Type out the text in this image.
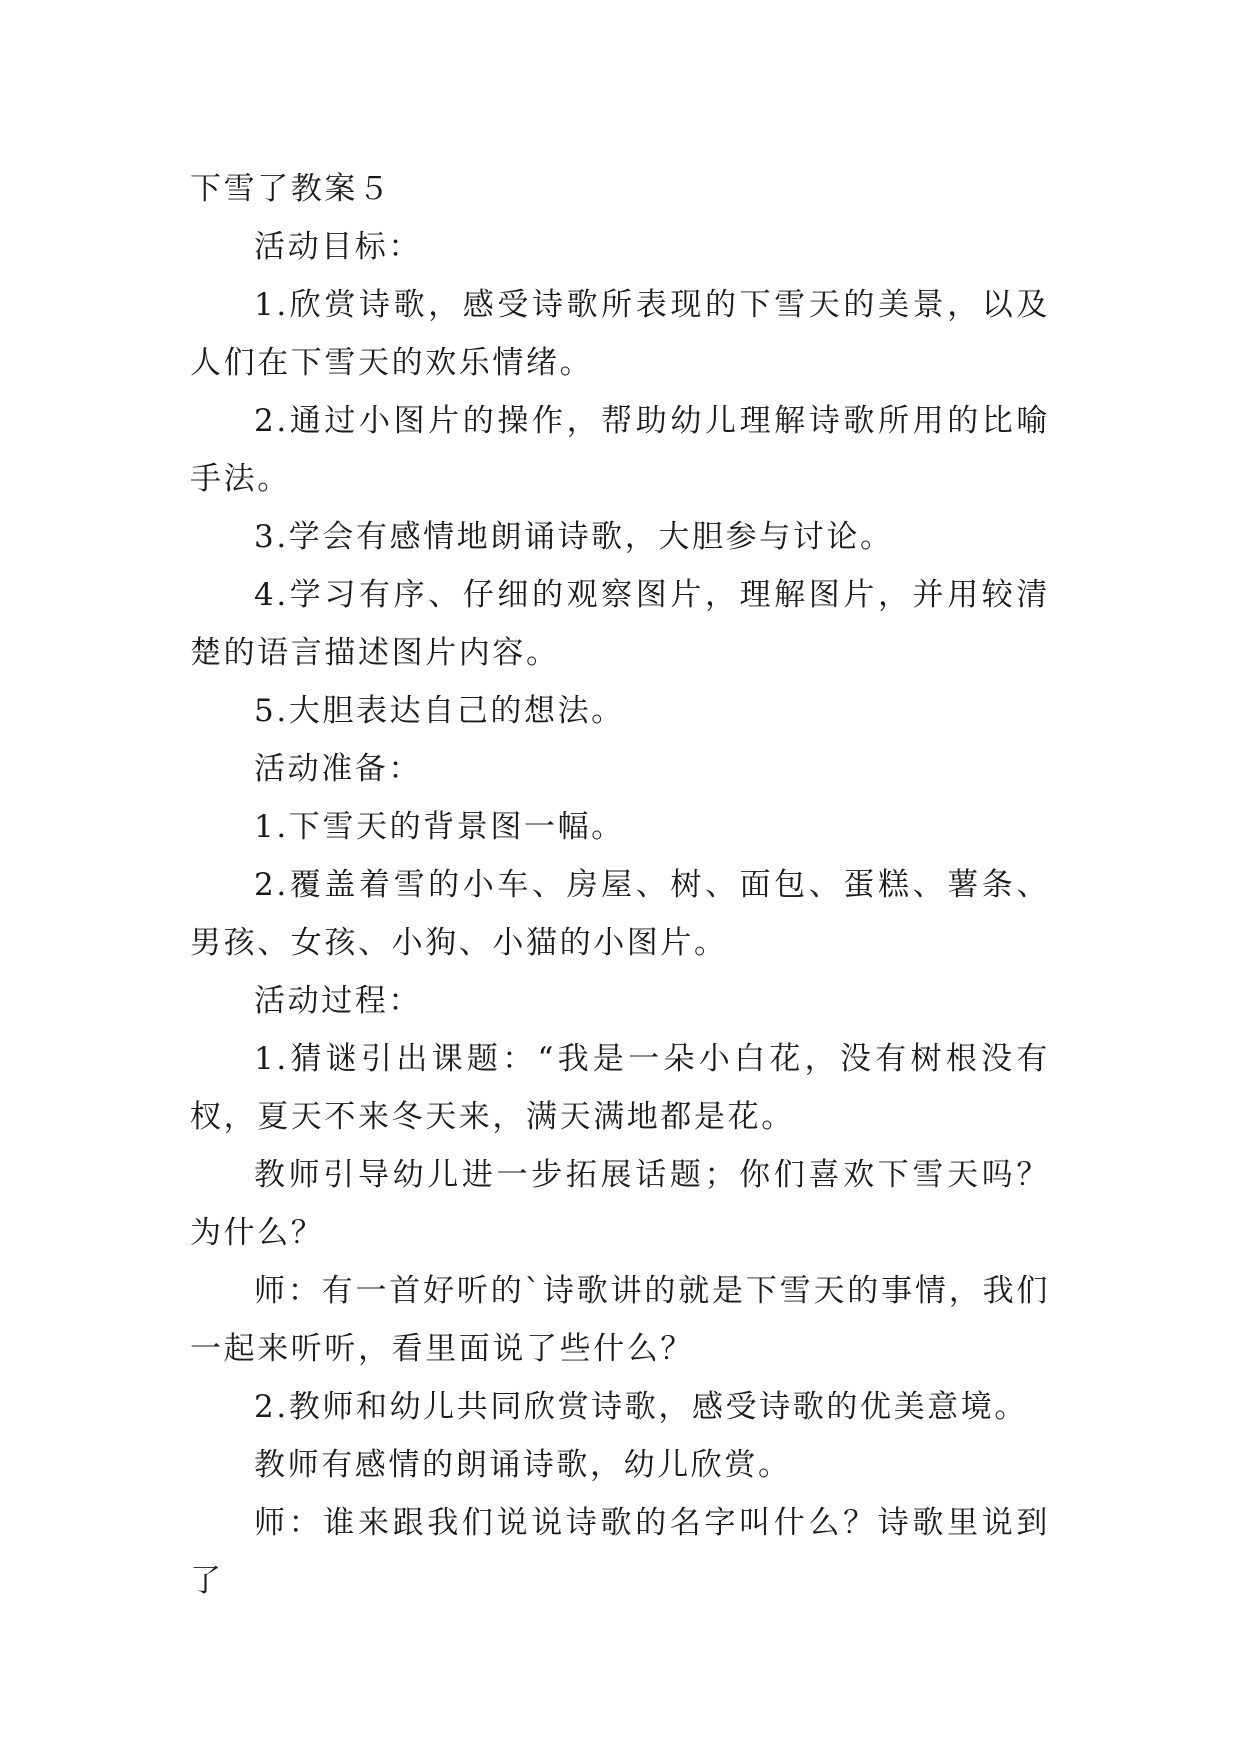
下雪了教案５

活动目标：

1.欣赏诗歌，感受诗歌所表现的下雪天的美景，以及人们在下雪天的欢乐情绪。

2.通过小图片的操作，帮助幼儿理解诗歌所用的比喻手法。

3.学会有感情地朗诵诗歌，大胆参与讨论。

4.学习有序、仔细的观察图片，理解图片，并用较清楚的语言描述图片内容。

5.大胆表达自己的想法。

活动准备：

1.下雪天的背景图一幅。

2.覆盖着雪的小车、房屋、树、面包、蛋糕、薯条、男孩、女孩、小狗、小猫的小图片。

活动过程：

1.猜谜引出课题：“我是一朵小白花，没有树根没有杈，夏天不来冬天来，满天满地都是花。

教师引导幼儿进一步拓展话题；你们喜欢下雪天吗？为什么？

师：有一首好听的`诗歌讲的就是下雪天的事情，我们一起来听听，看里面说了些什么？

2.教师和幼儿共同欣赏诗歌，感受诗歌的优美意境。

教师有感情的朗诵诗歌，幼儿欣赏。

师：谁来跟我们说说诗歌的名字叫什么？诗歌里说到了
